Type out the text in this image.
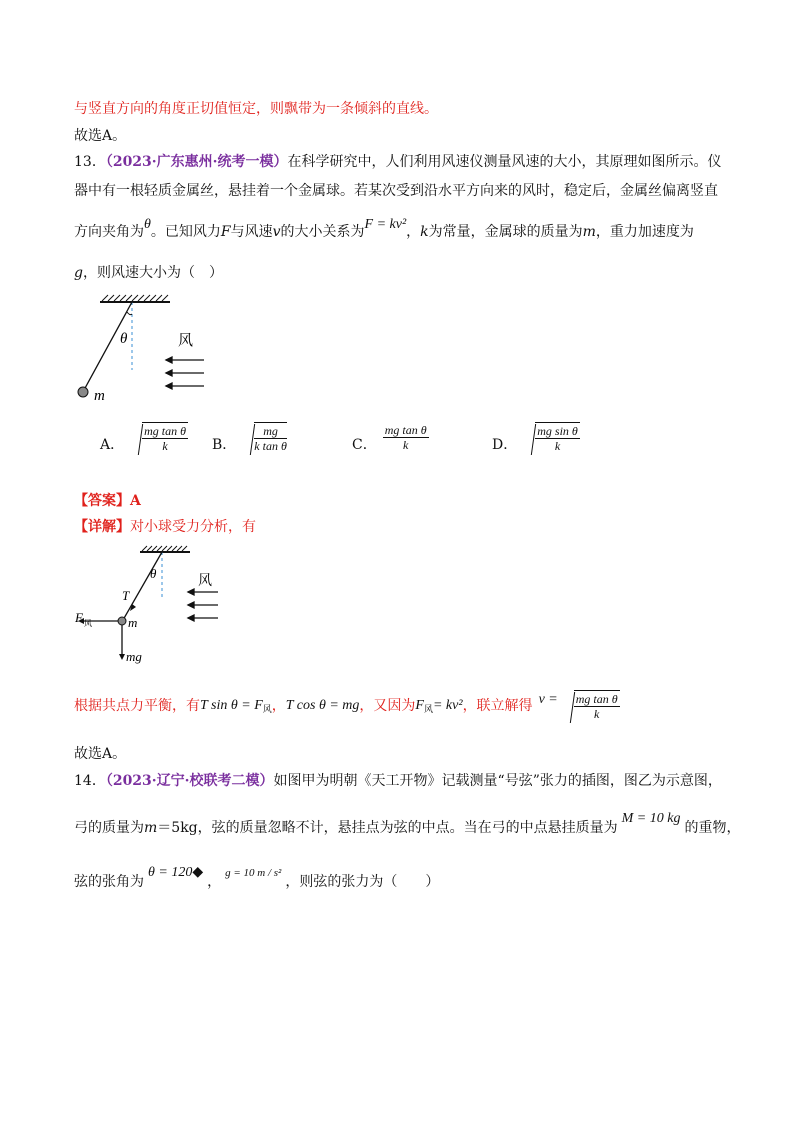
与竖直方向的角度正切值恒定，则飘带为一条倾斜的直线。
故选A。
13．（2023·广东惠州·统考一模）在科学研究中，人们利用风速仪测量风速的大小，其原理如图所示。仪
器中有一根轻质金属丝，悬挂着一个金属球。若某次受到沿水平方向来的风时，稳定后，金属丝偏离竖直
方向夹角为θ。已知风力F与风速v的大小关系为F = kv²，k为常量，金属球的质量为m，重力加速度为
g，则风速大小为（　）
θ
m
风
A． $\frac{\text{mg tan θ}}{k}$ B． $\frac{mg}{\text{k tan θ}}$	C． $\frac{\text{mg tan θ}}{k}$	D． $\frac{\text{mg sin θ}}{k}$
【答案】A
【详解】对小球受力分析，有
θ
T
F 风	m
mg
风
根据共点力平衡，有 T sin θ = F 风 ， T cos θ = mg ，又因为 F 风 = kv² ，联立解得 $v = \frac{\text{mg tan θ}}{k}$
故选A。
14．（2023·辽宁·校联考二模）如图甲为明朝《天工开物》记载测量“号弦”张力的插图，图乙为示意图，
弓的质量为m＝5kg，弦的质量忽略不计，悬挂点为弦的中点。当在弓的中点悬挂质量为M = 10 kg的重物，
弦的张角为θ = 120◆，$^{g = 10 m / s^2}$，则弦的张力为（　　）
